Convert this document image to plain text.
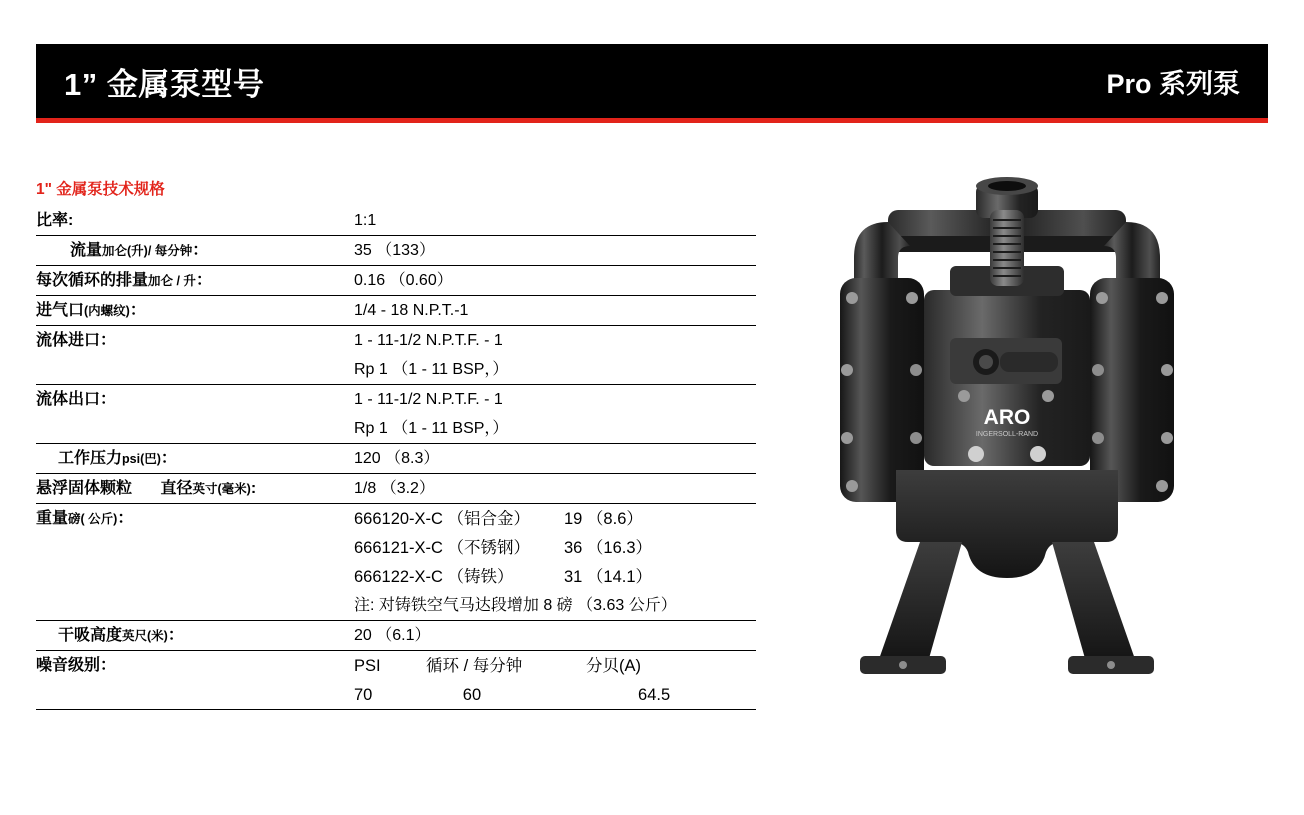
1” 金属泵型号	Pro 系列泵
1" 金属泵技术规格
比率:	1:1
流量加仑(升)/ 每分钟：	35 （133）
每次循环的排量加仑 / 升：	0.16 （0.60）
进气口(内螺纹)：	1/4 - 18 N.P.T.-1
流体进口：	1 - 11-1/2 N.P.T.F. - 1
	Rp 1 （1 - 11 BSP，）
流体出口：	1 - 11-1/2 N.P.T.F. - 1
	Rp 1 （1 - 11 BSP，）
工作压力psi(巴)：	120 （8.3）
悬浮固体颗粒 直径英寸(毫米):	1/8 （3.2）
重量磅( 公斤)：	666120-X-C （铝合金） 19 （8.6）

	666121-X-C （不锈钢） 36 （16.3）

	666122-X-C （铸铁） 31 （14.1）

	注: 对铸铁空气马达段增加 8 磅 （3.63 公斤）
干吸高度英尺(米)：	20 （6.1）
噪音级别：	PSI 循环 / 每分钟 分贝(A)

	70 60 64.5
ARO
INGERSOLL-RAND
